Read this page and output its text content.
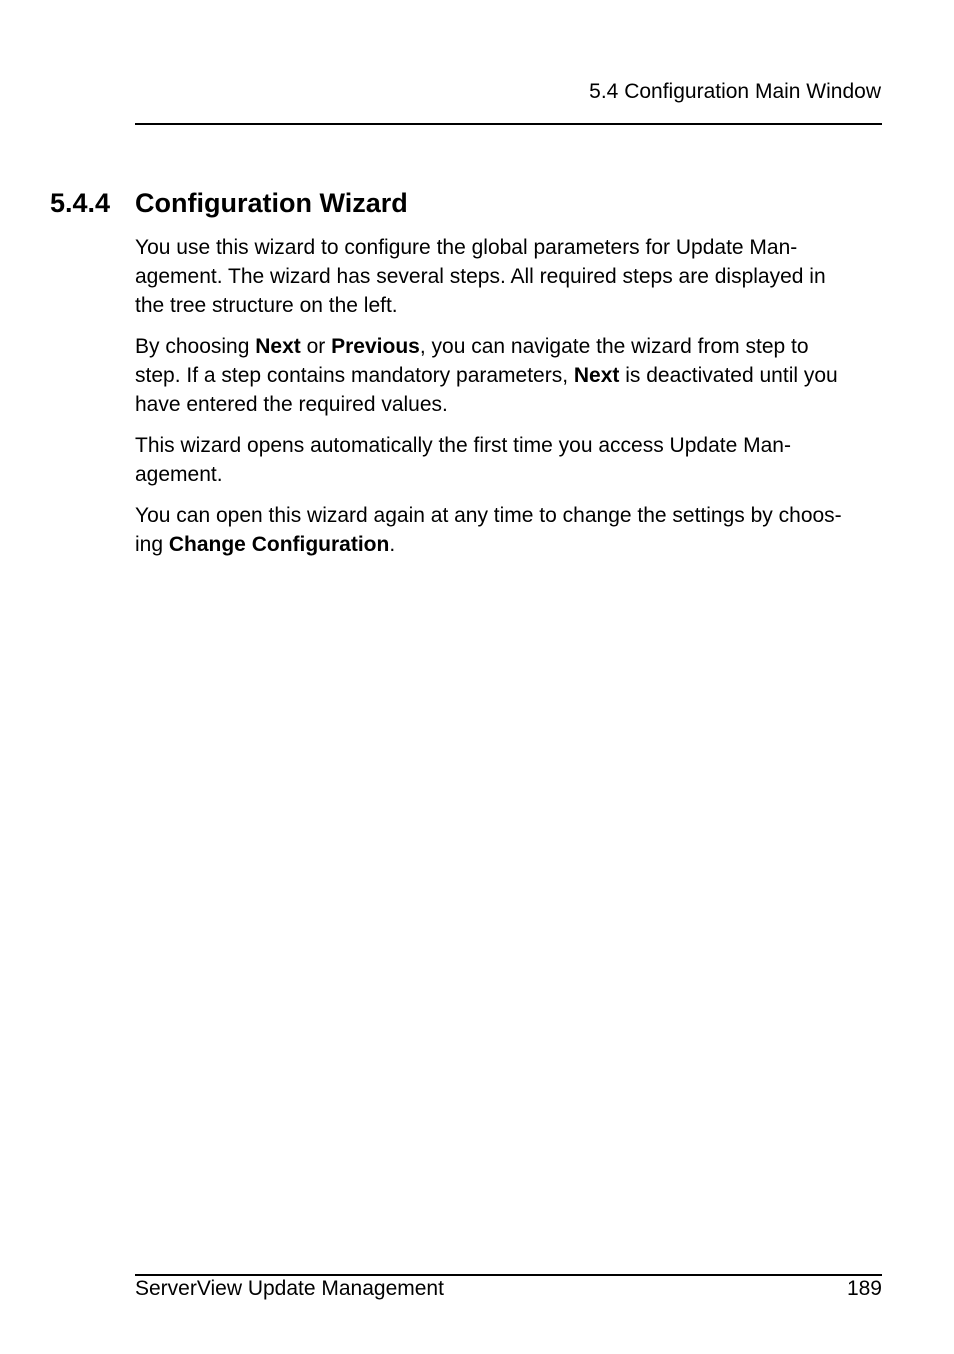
5.4 Configuration Main Window
5.4.4 Configuration Wizard

You use this wizard to configure the global parameters for Update Man-
agement. The wizard has several steps. All required steps are displayed in
the tree structure on the left.

By choosing Next or Previous, you can navigate the wizard from step to
step. If a step contains mandatory parameters, Next is deactivated until you
have entered the required values.

This wizard opens automatically the first time you access Update Man-
agement.

You can open this wizard again at any time to change the settings by choos-
ing Change Configuration.

ServerView Update Management	189
